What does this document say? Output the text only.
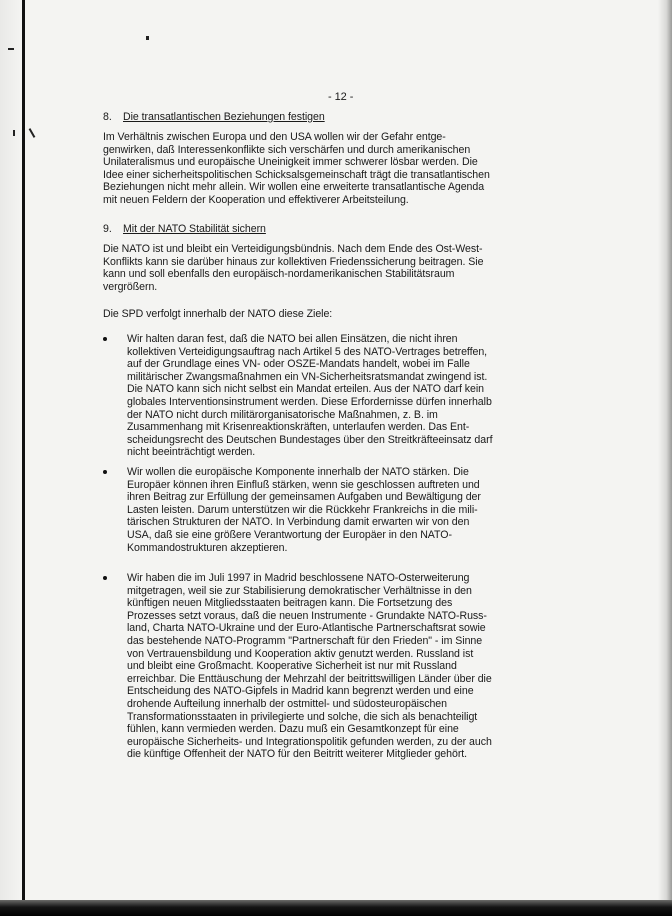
- 12 -
8. Die transatlantischen Beziehungen festigen
Im Verhältnis zwischen Europa und den USA wollen wir der Gefahr entge-
genwirken, daß Interessenkonflikte sich verschärfen und durch amerikanischen
Unilateralismus und europäische Uneinigkeit immer schwerer lösbar werden. Die
Idee einer sicherheitspolitischen Schicksalsgemeinschaft trägt die transatlantischen
Beziehungen nicht mehr allein. Wir wollen eine erweiterte transatlantische Agenda
mit neuen Feldern der Kooperation und effektiverer Arbeitsteilung.
9. Mit der NATO Stabilität sichern
Die NATO ist und bleibt ein Verteidigungsbündnis. Nach dem Ende des Ost-West-
Konflikts kann sie darüber hinaus zur kollektiven Friedenssicherung beitragen. Sie
kann und soll ebenfalls den europäisch-nordamerikanischen Stabilitätsraum
vergrößern.
Die SPD verfolgt innerhalb der NATO diese Ziele:
Wir halten daran fest, daß die NATO bei allen Einsätzen, die nicht ihren
kollektiven Verteidigungsauftrag nach Artikel 5 des NATO-Vertrages betreffen,
auf der Grundlage eines VN- oder OSZE-Mandats handelt, wobei im Falle
militärischer Zwangsmaßnahmen ein VN-Sicherheitsratsmandat zwingend ist.
Die NATO kann sich nicht selbst ein Mandat erteilen. Aus der NATO darf kein
globales Interventionsinstrument werden. Diese Erfordernisse dürfen innerhalb
der NATO nicht durch militärorganisatorische Maßnahmen, z. B. im
Zusammenhang mit Krisenreaktionskräften, unterlaufen werden. Das Ent-
scheidungsrecht des Deutschen Bundestages über den Streitkräfteeinsatz darf
nicht beeinträchtigt werden.
Wir wollen die europäische Komponente innerhalb der NATO stärken. Die
Europäer können ihren Einfluß stärken, wenn sie geschlossen auftreten und
ihren Beitrag zur Erfüllung der gemeinsamen Aufgaben und Bewältigung der
Lasten leisten. Darum unterstützen wir die Rückkehr Frankreichs in die mili-
tärischen Strukturen der NATO. In Verbindung damit erwarten wir von den
USA, daß sie eine größere Verantwortung der Europäer in den NATO-
Kommandostrukturen akzeptieren.
Wir haben die im Juli 1997 in Madrid beschlossene NATO-Osterweiterung
mitgetragen, weil sie zur Stabilisierung demokratischer Verhältnisse in den
künftigen neuen Mitgliedsstaaten beitragen kann. Die Fortsetzung des
Prozesses setzt voraus, daß die neuen Instrumente - Grundakte NATO-Russ-
land, Charta NATO-Ukraine und der Euro-Atlantische Partnerschaftsrat sowie
das bestehende NATO-Programm "Partnerschaft für den Frieden" - im Sinne
von Vertrauensbildung und Kooperation aktiv genutzt werden. Russland ist
und bleibt eine Großmacht. Kooperative Sicherheit ist nur mit Russland
erreichbar. Die Enttäuschung der Mehrzahl der beitrittswilligen Länder über die
Entscheidung des NATO-Gipfels in Madrid kann begrenzt werden und eine
drohende Aufteilung innerhalb der ostmittel- und südosteuropäischen
Transformationsstaaten in privilegierte und solche, die sich als benachteiligt
fühlen, kann vermieden werden. Dazu muß ein Gesamtkonzept für eine
europäische Sicherheits- und Integrationspolitik gefunden werden, zu der auch
die künftige Offenheit der NATO für den Beitritt weiterer Mitglieder gehört.
